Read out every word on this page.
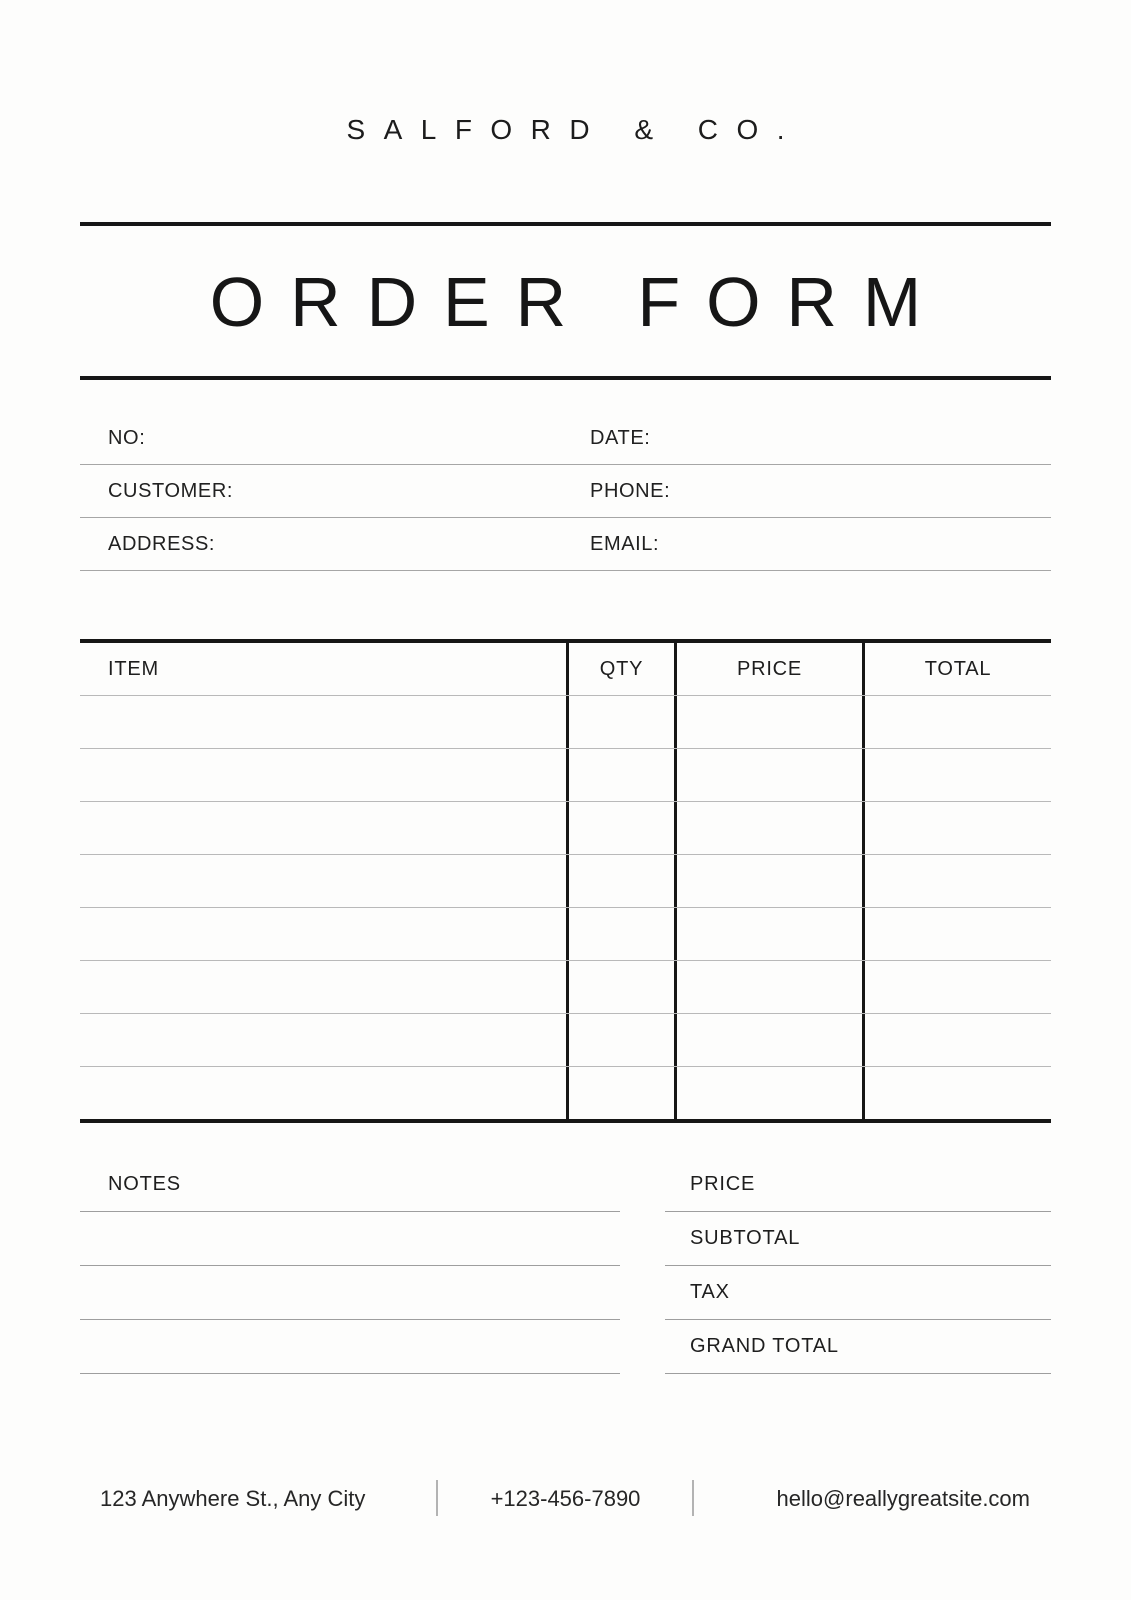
SALFORD & CO.
ORDER FORM
NO:	DATE:
CUSTOMER:	PHONE:
ADDRESS:	EMAIL:
ITEM	QTY	PRICE	TOTAL
NOTES	PRICE
SUBTOTAL
TAX
GRAND TOTAL
123 Anywhere St., Any City	+123-456-7890	hello@reallygreatsite.com
